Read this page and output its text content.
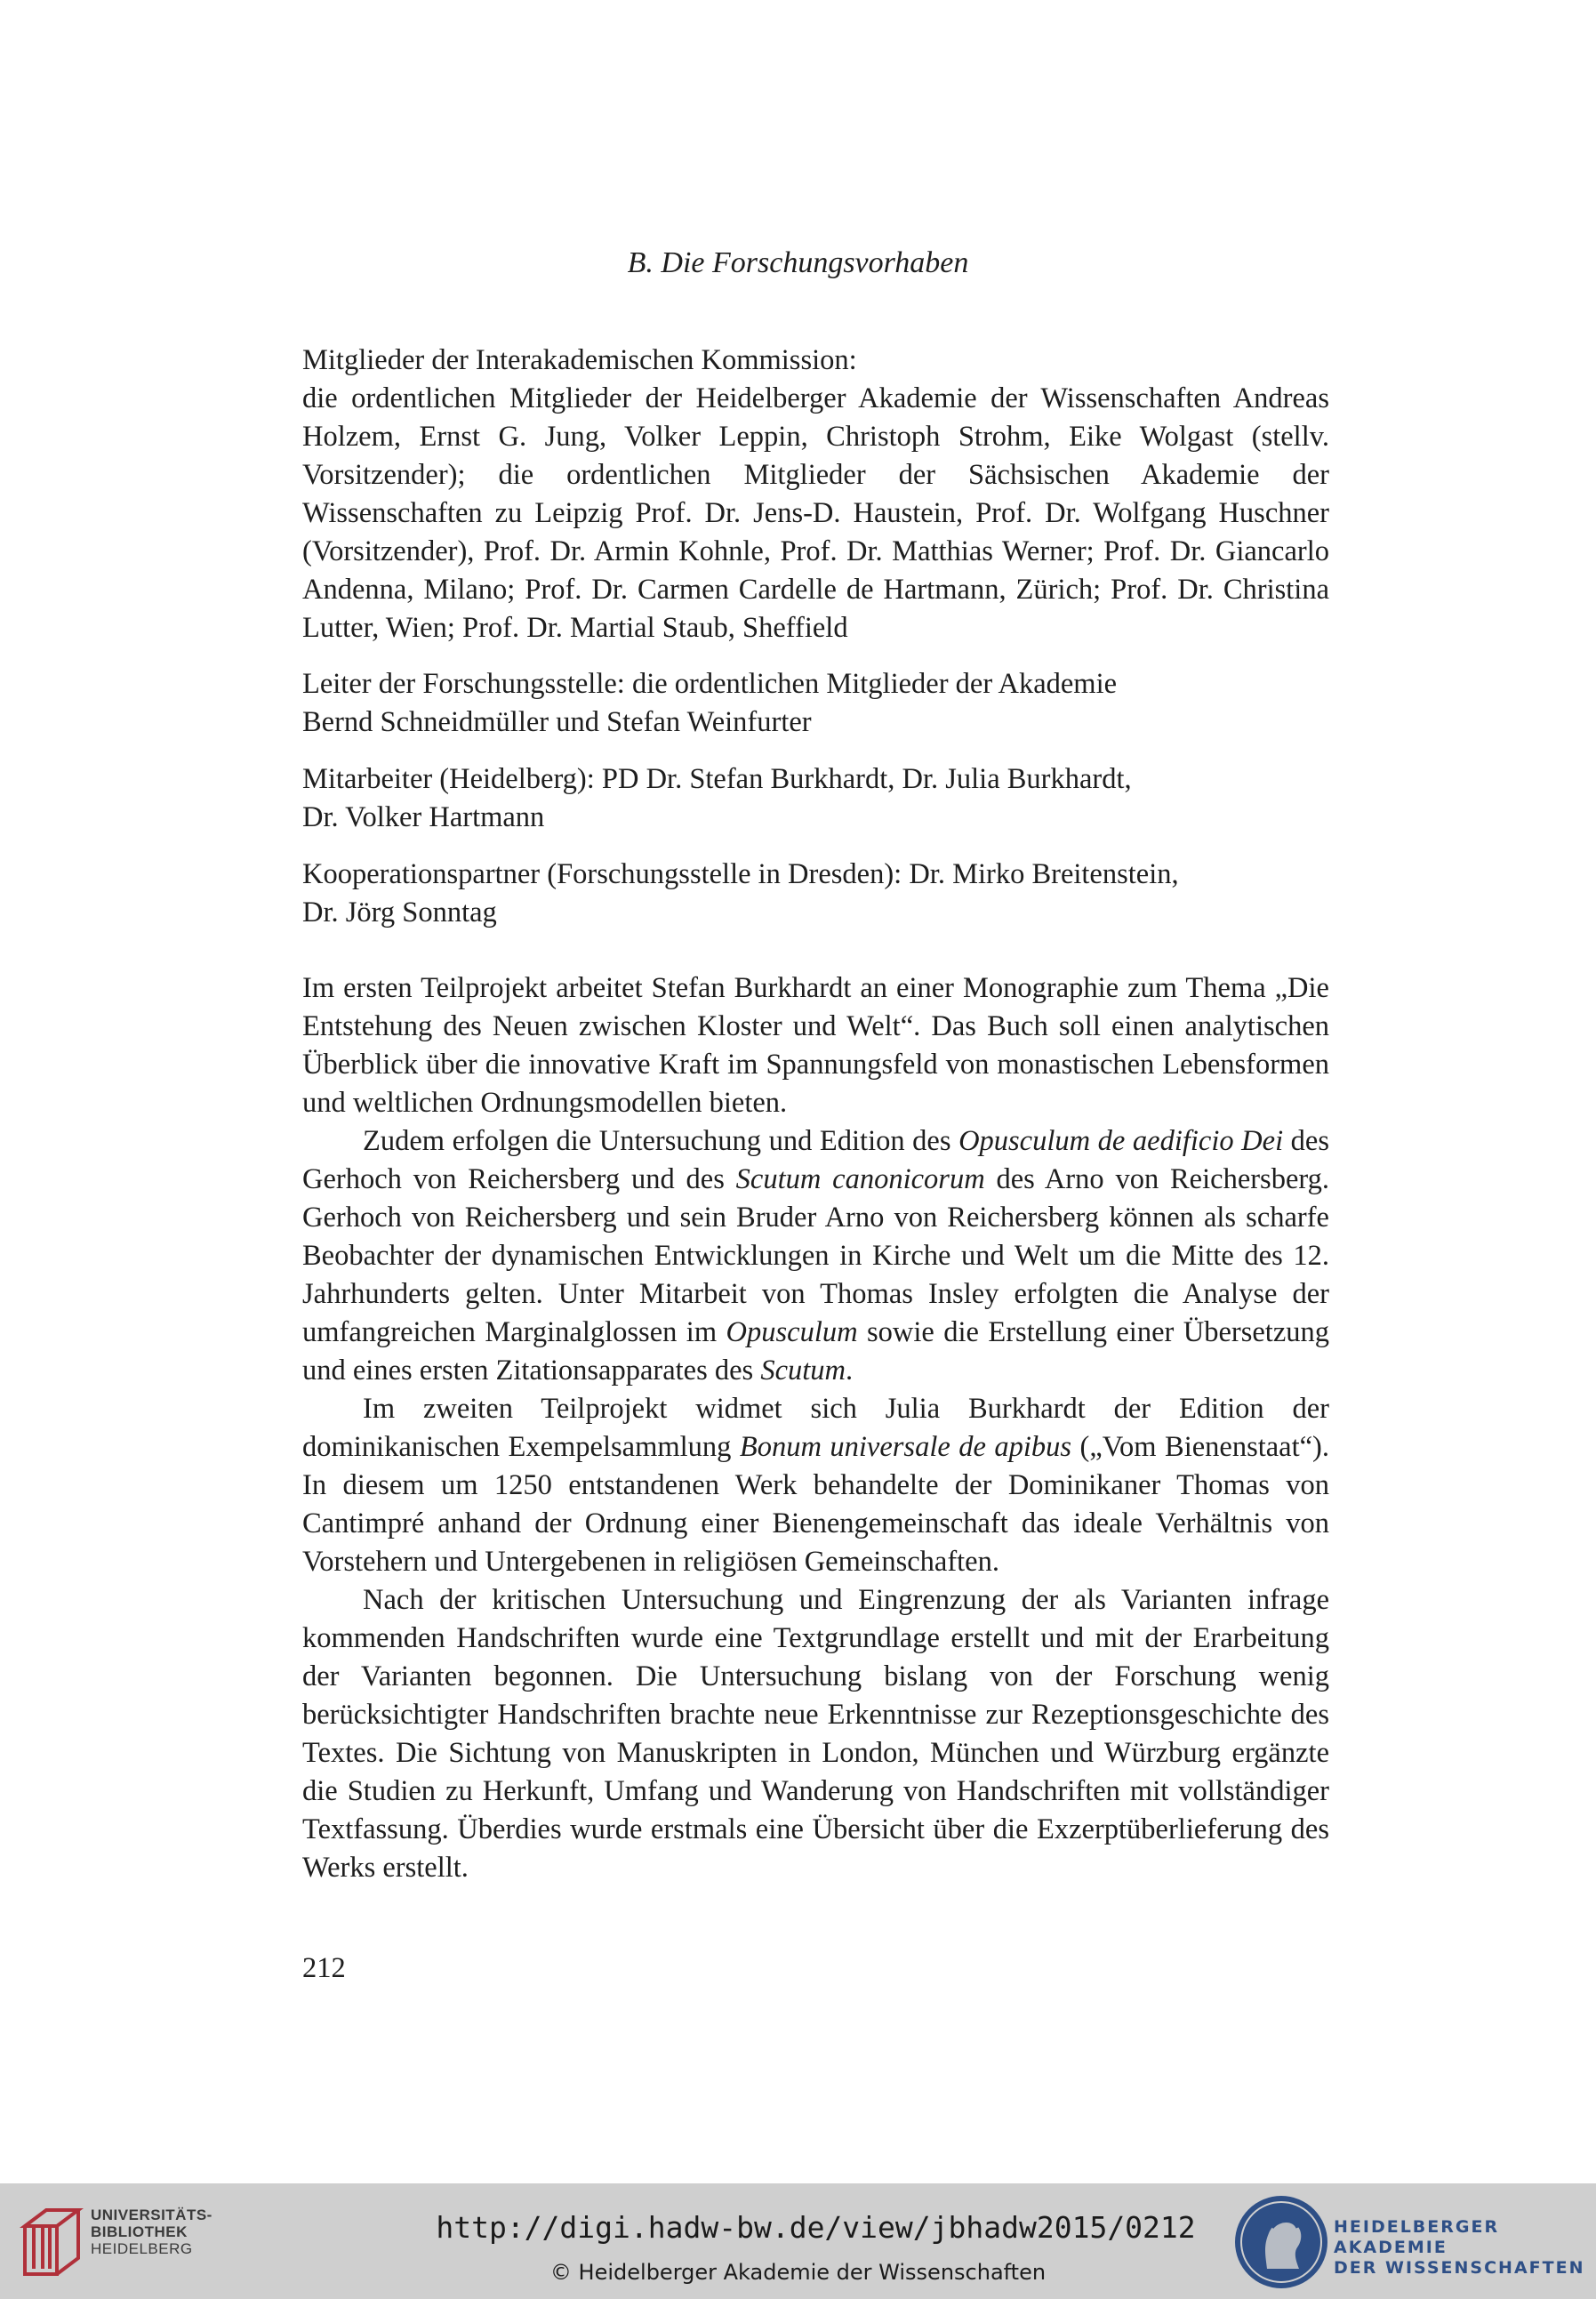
B. Die Forschungsvorhaben

Mitglieder der Interakademischen Kommission:

die ordentlichen Mitglieder der Heidelberger Akademie der Wissenschaften Andreas Holzem, Ernst G. Jung, Volker Leppin, Christoph Strohm, Eike Wolgast (stellv. Vorsitzender); die ordentlichen Mitglieder der Sächsischen Akademie der Wissenschaften zu Leipzig Prof. Dr. Jens-D. Haustein, Prof. Dr. Wolfgang Huschner (Vorsitzender), Prof. Dr. Armin Kohnle, Prof. Dr. Matthias Werner; Prof. Dr. Giancarlo Andenna, Milano; Prof. Dr. Carmen Cardelle de Hartmann, Zürich; Prof. Dr. Christina Lutter, Wien; Prof. Dr. Martial Staub, Sheffield

Leiter der Forschungsstelle: die ordentlichen Mitglieder der Akademie

Bernd Schneidmüller und Stefan Weinfurter

Mitarbeiter (Heidelberg): PD Dr. Stefan Burkhardt, Dr. Julia Burkhardt,

Dr. Volker Hartmann

Kooperationspartner (Forschungsstelle in Dresden): Dr. Mirko Breitenstein,

Dr. Jörg Sonntag

Im ersten Teilprojekt arbeitet Stefan Burkhardt an einer Monographie zum Thema „Die Entstehung des Neuen zwischen Kloster und Welt“. Das Buch soll einen analytischen Überblick über die innovative Kraft im Spannungsfeld von monastischen Lebensformen und weltlichen Ordnungsmodellen bieten.

Zudem erfolgen die Untersuchung und Edition des Opusculum de aedificio Dei des Gerhoch von Reichersberg und des Scutum canonicorum des Arno von Reichersberg. Gerhoch von Reichersberg und sein Bruder Arno von Reichersberg können als scharfe Beobachter der dynamischen Entwicklungen in Kirche und Welt um die Mitte des 12. Jahrhunderts gelten. Unter Mitarbeit von Thomas Insley erfolgten die Analyse der umfangreichen Marginalglossen im Opusculum sowie die Erstellung einer Übersetzung und eines ersten Zitationsapparates des Scutum.

Im zweiten Teilprojekt widmet sich Julia Burkhardt der Edition der dominikanischen Exempelsammlung Bonum universale de apibus („Vom Bienenstaat“). In diesem um 1250 entstandenen Werk behandelte der Dominikaner Thomas von Cantimpré anhand der Ordnung einer Bienengemeinschaft das ideale Verhältnis von Vorstehern und Untergebenen in religiösen Gemeinschaften.

Nach der kritischen Untersuchung und Eingrenzung der als Varianten infrage kommenden Handschriften wurde eine Textgrundlage erstellt und mit der Erarbeitung der Varianten begonnen. Die Untersuchung bislang von der Forschung wenig berücksichtigter Handschriften brachte neue Erkenntnisse zur Rezeptionsgeschichte des Textes. Die Sichtung von Manuskripten in London, München und Würzburg ergänzte die Studien zu Herkunft, Umfang und Wanderung von Handschriften mit vollständiger Textfassung. Überdies wurde erstmals eine Übersicht über die Exzerptüberlieferung des Werks erstellt.

212
UNIVERSITÄTS-
BIBLIOTHEK
HEIDELBERG
http://digi.hadw-bw.de/view/jbhadw2015/0212
© Heidelberger Akademie der Wissenschaften
HEIDELBERGER AKADEMIE
DER WISSENSCHAFTEN
